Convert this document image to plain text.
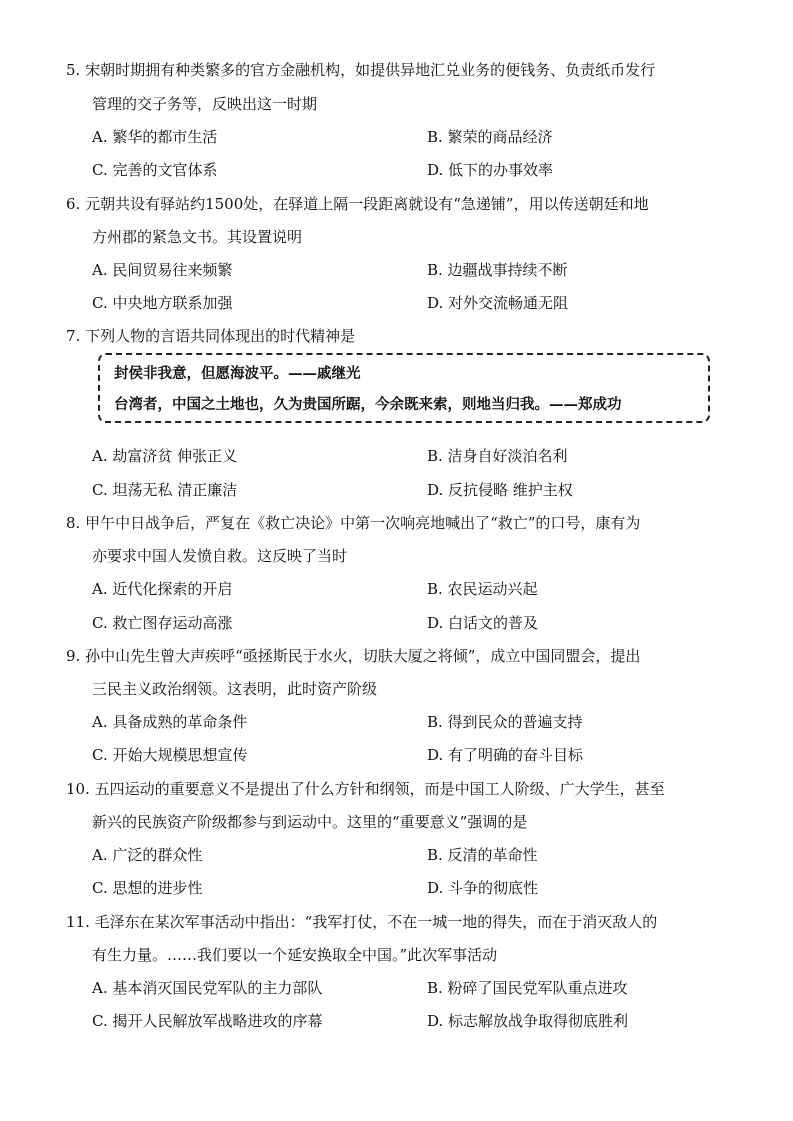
5. 宋朝时期拥有种类繁多的官方金融机构，如提供异地汇兑业务的便钱务、负责纸币发行
管理的交子务等，反映出这一时期
A. 繁华的都市生活	B. 繁荣的商品经济
C. 完善的文官体系	D. 低下的办事效率
6. 元朝共设有驿站约1500处，在驿道上隔一段距离就设有“急递铺”，用以传送朝廷和地
方州郡的紧急文书。其设置说明
A. 民间贸易往来频繁	B. 边疆战事持续不断
C. 中央地方联系加强	D. 对外交流畅通无阻
7. 下列人物的言语共同体现出的时代精神是
封侯非我意，但愿海波平。——戚继光
台湾者，中国之土地也，久为贵国所踞，今余既来索，则地当归我。——郑成功
A. 劫富济贫 伸张正义	B. 洁身自好淡泊名利
C. 坦荡无私 清正廉洁	D. 反抗侵略 维护主权
8. 甲午中日战争后，严复在《救亡决论》中第一次响亮地喊出了“救亡”的口号，康有为
亦要求中国人发愤自救。这反映了当时
A. 近代化探索的开启	B. 农民运动兴起
C. 救亡图存运动高涨	D. 白话文的普及
9. 孙中山先生曾大声疾呼“亟拯斯民于水火，切肤大厦之将倾”，成立中国同盟会，提出
三民主义政治纲领。这表明，此时资产阶级
A. 具备成熟的革命条件	B. 得到民众的普遍支持
C. 开始大规模思想宣传	D. 有了明确的奋斗目标
10. 五四运动的重要意义不是提出了什么方针和纲领，而是中国工人阶级、广大学生，甚至
新兴的民族资产阶级都参与到运动中。这里的“重要意义”强调的是
A. 广泛的群众性	B. 反清的革命性
C. 思想的进步性	D. 斗争的彻底性
11. 毛泽东在某次军事活动中指出：“我军打仗，不在一城一地的得失，而在于消灭敌人的
有生力量。……我们要以一个延安换取全中国。”此次军事活动
A. 基本消灭国民党军队的主力部队	B. 粉碎了国民党军队重点进攻
C. 揭开人民解放军战略进攻的序幕	D. 标志解放战争取得彻底胜利
